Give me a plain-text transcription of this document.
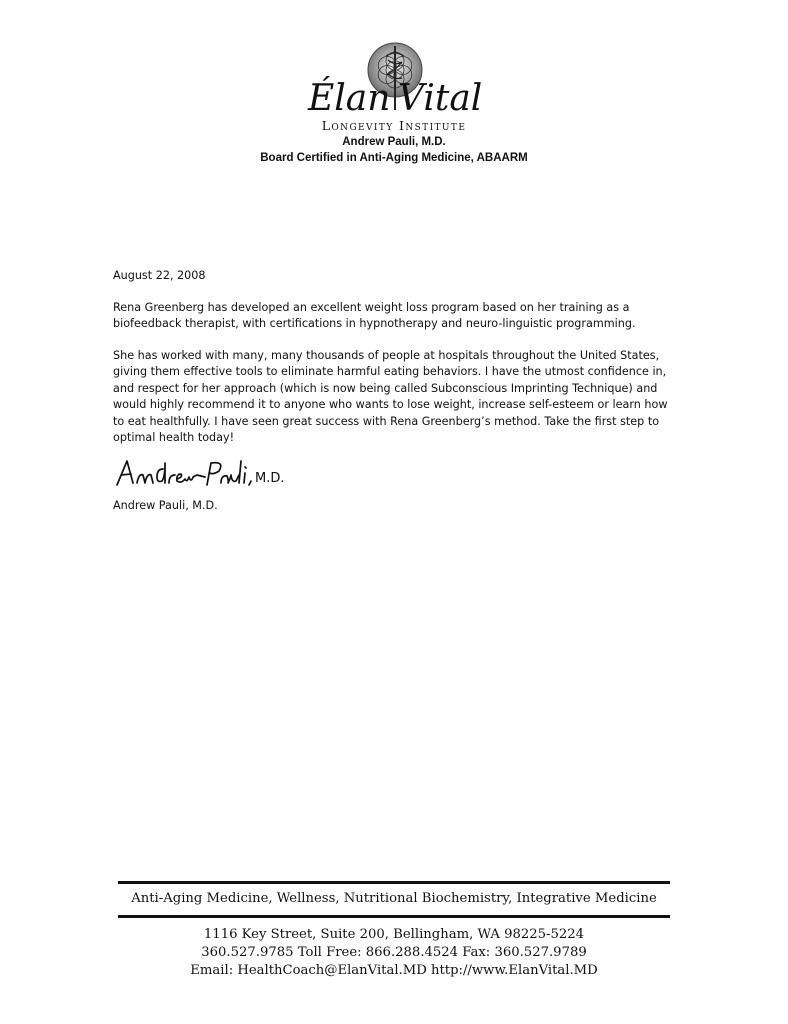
Élan Vital
Longevity Institute
Andrew Pauli, M.D.
Board Certified in Anti-Aging Medicine, ABAARM
August 22, 2008
Rena Greenberg has developed an excellent weight loss program based on her training as a biofeedback therapist, with certifications in hypnotherapy and neuro-linguistic programming.
She has worked with many, many thousands of people at hospitals throughout the United States, giving them effective tools to eliminate harmful eating behaviors. I have the utmost confidence in, and respect for her approach (which is now being called Subconscious Imprinting Technique) and would highly recommend it to anyone who wants to lose weight, increase self-esteem or learn how to eat healthfully. I have seen great success with Rena Greenberg’s method. Take the first step to optimal health today!
M.D.
Andrew Pauli, M.D.
Anti-Aging Medicine, Wellness, Nutritional Biochemistry, Integrative Medicine
1116 Key Street, Suite 200, Bellingham, WA 98225-5224
360.527.9785 Toll Free: 866.288.4524 Fax: 360.527.9789
Email: HealthCoach@ElanVital.MD http://www.ElanVital.MD
